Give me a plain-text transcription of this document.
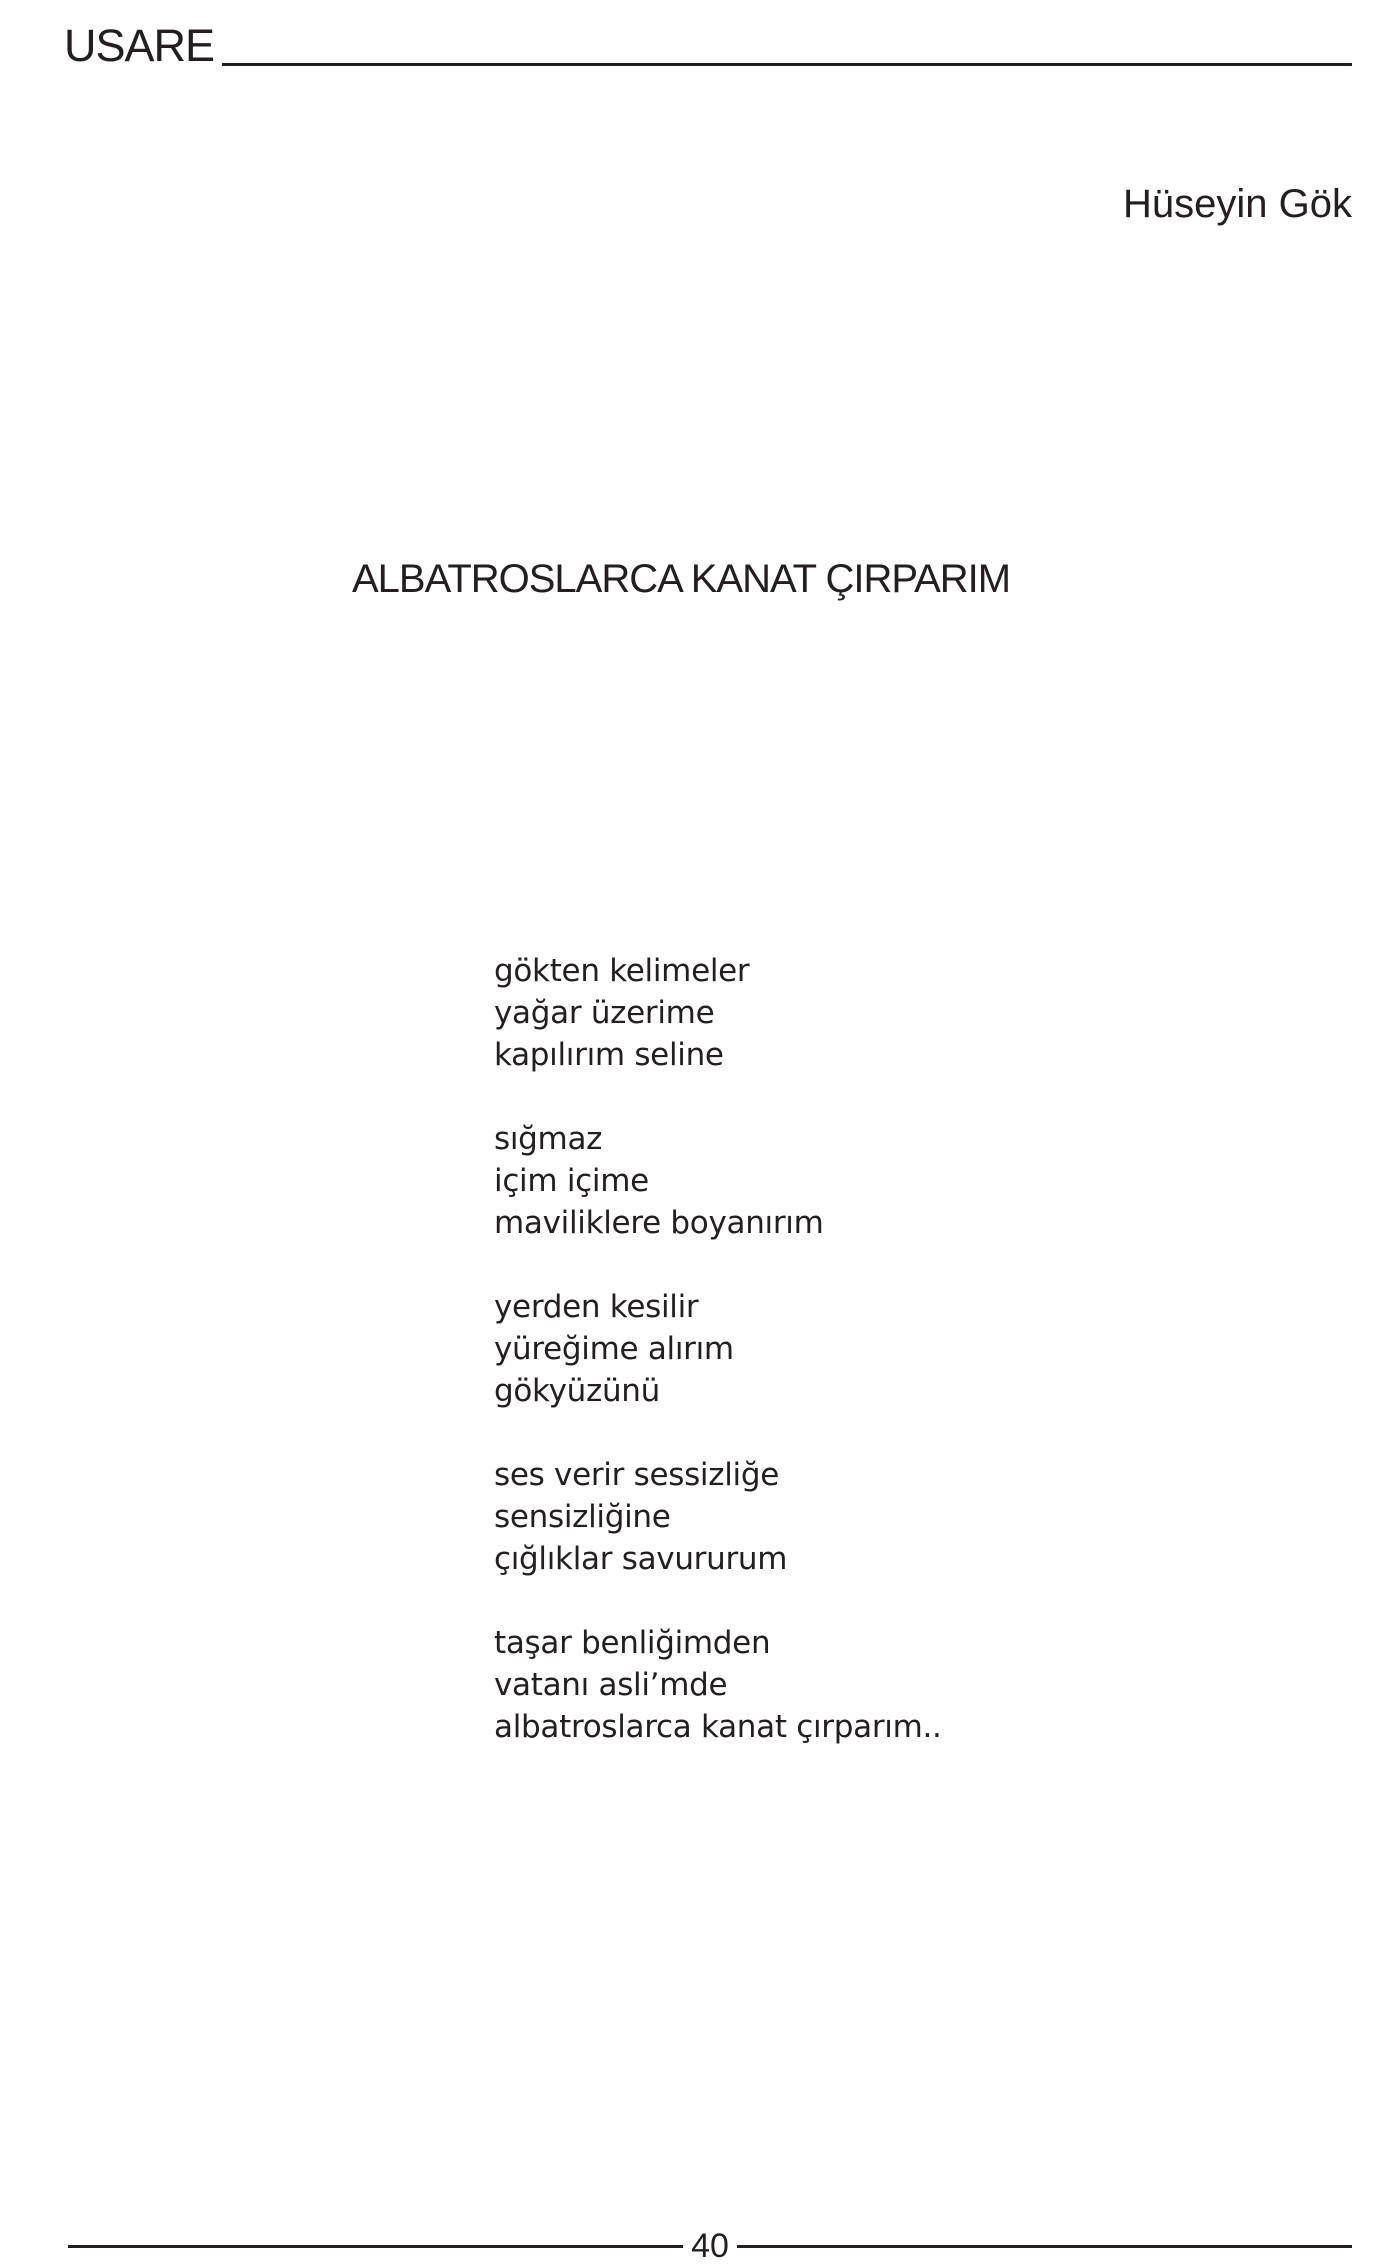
USARE
Hüseyin Gök
ALBATROSLARCA KANAT ÇIRPARIM
gökten kelimeler
yağar üzerime
kapılırım seline
sığmaz
içim içime
maviliklere boyanırım
yerden kesilir
yüreğime alırım
gökyüzünü
ses verir sessizliğe
sensizliğine
çığlıklar savururum
taşar benliğimden
vatanı asli’mde
albatroslarca kanat çırparım..
40
